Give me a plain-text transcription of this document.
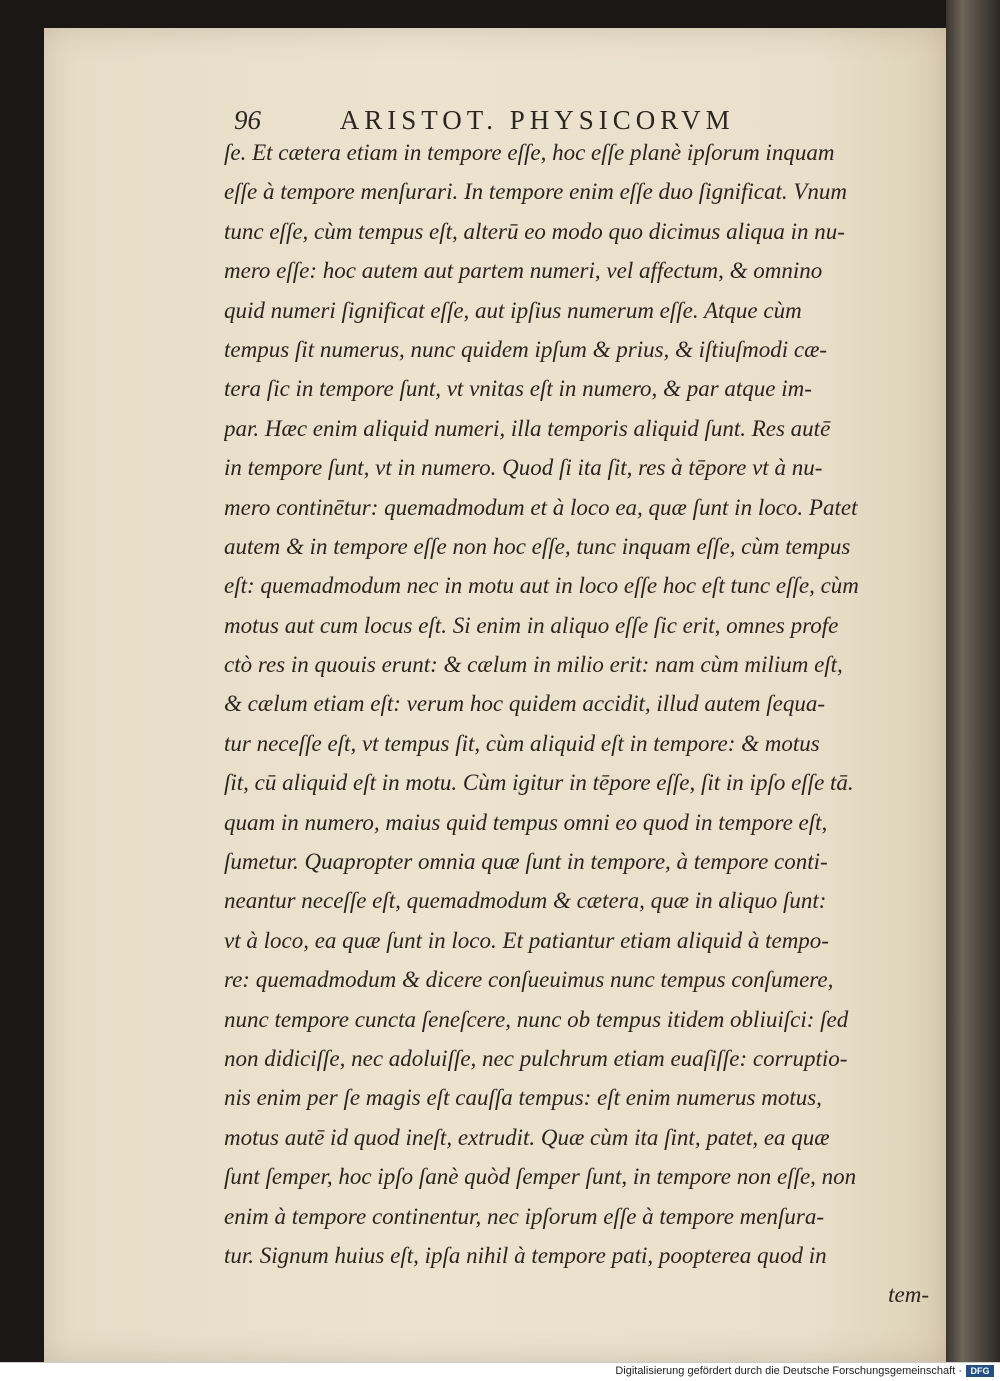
96	ARISTOT. PHYSICORVM
ſe. Et cætera etiam in tempore eſſe, hoc eſſe planè ipſorum inquam
eſſe à tempore menſurari. In tempore enim eſſe duo ſignificat. Vnum
tunc eſſe, cùm tempus eſt, alterū eo modo quo dicimus aliqua in nu-
mero eſſe: hoc autem aut partem numeri, vel affectum, & omnino
quid numeri ſignificat eſſe, aut ipſius numerum eſſe. Atque cùm
tempus ſit numerus, nunc quidem ipſum & prius, & iſtiuſmodi cæ-
tera ſic in tempore ſunt, vt vnitas eſt in numero, & par atque im-
par. Hæc enim aliquid numeri, illa temporis aliquid ſunt. Res autē
in tempore ſunt, vt in numero. Quod ſi ita ſit, res à tēpore vt à nu-
mero continētur: quemadmodum et à loco ea, quæ ſunt in loco. Patet
autem & in tempore eſſe non hoc eſſe, tunc inquam eſſe, cùm tempus
eſt: quemadmodum nec in motu aut in loco eſſe hoc eſt tunc eſſe, cùm
motus aut cum locus eſt. Si enim in aliquo eſſe ſic erit, omnes profe
ctò res in quouis erunt: & cælum in milio erit: nam cùm milium eſt,
& cælum etiam eſt: verum hoc quidem accidit, illud autem ſequa-
tur neceſſe eſt, vt tempus ſit, cùm aliquid eſt in tempore: & motus
ſit, cū aliquid eſt in motu. Cùm igitur in tēpore eſſe, ſit in ipſo eſſe tā.
quam in numero, maius quid tempus omni eo quod in tempore eſt,
ſumetur. Quapropter omnia quæ ſunt in tempore, à tempore conti-
neantur neceſſe eſt, quemadmodum & cætera, quæ in aliquo ſunt:
vt à loco, ea quæ ſunt in loco. Et patiantur etiam aliquid à tempo-
re: quemadmodum & dicere conſueuimus nunc tempus conſumere,
nunc tempore cuncta ſeneſcere, nunc ob tempus itidem obliuiſci: ſed
non didiciſſe, nec adoluiſſe, nec pulchrum etiam euaſiſſe: corruptio-
nis enim per ſe magis eſt cauſſa tempus: eſt enim numerus motus,
motus autē id quod ineſt, extrudit. Quæ cùm ita ſint, patet, ea quæ
ſunt ſemper, hoc ipſo ſanè quòd ſemper ſunt, in tempore non eſſe, non
enim à tempore continentur, nec ipſorum eſſe à tempore menſura-
tur. Signum huius eſt, ipſa nihil à tempore pati, poopterea quod in
tem-
Digitalisierung gefördert durch die Deutsche Forschungsgemeinschaft · DFG
